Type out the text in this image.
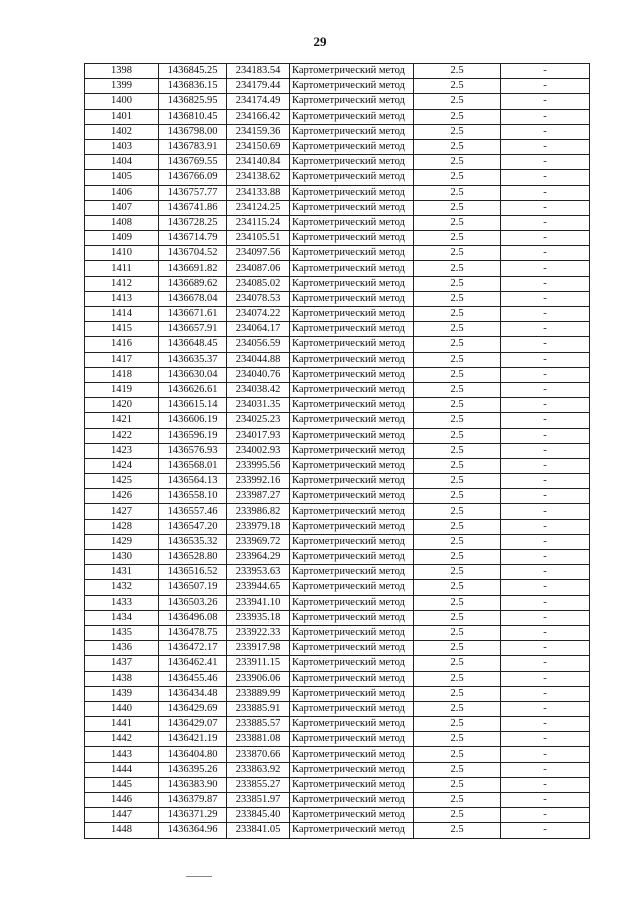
29
1398	1436845.25	234183.54	Картометрический метод	2.5	-
1399	1436836.15	234179.44	Картометрический метод	2.5	-
1400	1436825.95	234174.49	Картометрический метод	2.5	-
1401	1436810.45	234166.42	Картометрический метод	2.5	-
1402	1436798.00	234159.36	Картометрический метод	2.5	-
1403	1436783.91	234150.69	Картометрический метод	2.5	-
1404	1436769.55	234140.84	Картометрический метод	2.5	-
1405	1436766.09	234138.62	Картометрический метод	2.5	-
1406	1436757.77	234133.88	Картометрический метод	2.5	-
1407	1436741.86	234124.25	Картометрический метод	2.5	-
1408	1436728.25	234115.24	Картометрический метод	2.5	-
1409	1436714.79	234105.51	Картометрический метод	2.5	-
1410	1436704.52	234097.56	Картометрический метод	2.5	-
1411	1436691.82	234087.06	Картометрический метод	2.5	-
1412	1436689.62	234085.02	Картометрический метод	2.5	-
1413	1436678.04	234078.53	Картометрический метод	2.5	-
1414	1436671.61	234074.22	Картометрический метод	2.5	-
1415	1436657.91	234064.17	Картометрический метод	2.5	-
1416	1436648.45	234056.59	Картометрический метод	2.5	-
1417	1436635.37	234044.88	Картометрический метод	2.5	-
1418	1436630.04	234040.76	Картометрический метод	2.5	-
1419	1436626.61	234038.42	Картометрический метод	2.5	-
1420	1436615.14	234031.35	Картометрический метод	2.5	-
1421	1436606.19	234025.23	Картометрический метод	2.5	-
1422	1436596.19	234017.93	Картометрический метод	2.5	-
1423	1436576.93	234002.93	Картометрический метод	2.5	-
1424	1436568.01	233995.56	Картометрический метод	2.5	-
1425	1436564.13	233992.16	Картометрический метод	2.5	-
1426	1436558.10	233987.27	Картометрический метод	2.5	-
1427	1436557.46	233986.82	Картометрический метод	2.5	-
1428	1436547.20	233979.18	Картометрический метод	2.5	-
1429	1436535.32	233969.72	Картометрический метод	2.5	-
1430	1436528.80	233964.29	Картометрический метод	2.5	-
1431	1436516.52	233953.63	Картометрический метод	2.5	-
1432	1436507.19	233944.65	Картометрический метод	2.5	-
1433	1436503.26	233941.10	Картометрический метод	2.5	-
1434	1436496.08	233935.18	Картометрический метод	2.5	-
1435	1436478.75	233922.33	Картометрический метод	2.5	-
1436	1436472.17	233917.98	Картометрический метод	2.5	-
1437	1436462.41	233911.15	Картометрический метод	2.5	-
1438	1436455.46	233906.06	Картометрический метод	2.5	-
1439	1436434.48	233889.99	Картометрический метод	2.5	-
1440	1436429.69	233885.91	Картометрический метод	2.5	-
1441	1436429.07	233885.57	Картометрический метод	2.5	-
1442	1436421.19	233881.08	Картометрический метод	2.5	-
1443	1436404.80	233870.66	Картометрический метод	2.5	-
1444	1436395.26	233863.92	Картометрический метод	2.5	-
1445	1436383.90	233855.27	Картометрический метод	2.5	-
1446	1436379.87	233851.97	Картометрический метод	2.5	-
1447	1436371.29	233845.40	Картометрический метод	2.5	-
1448	1436364.96	233841.05	Картометрический метод	2.5	-
